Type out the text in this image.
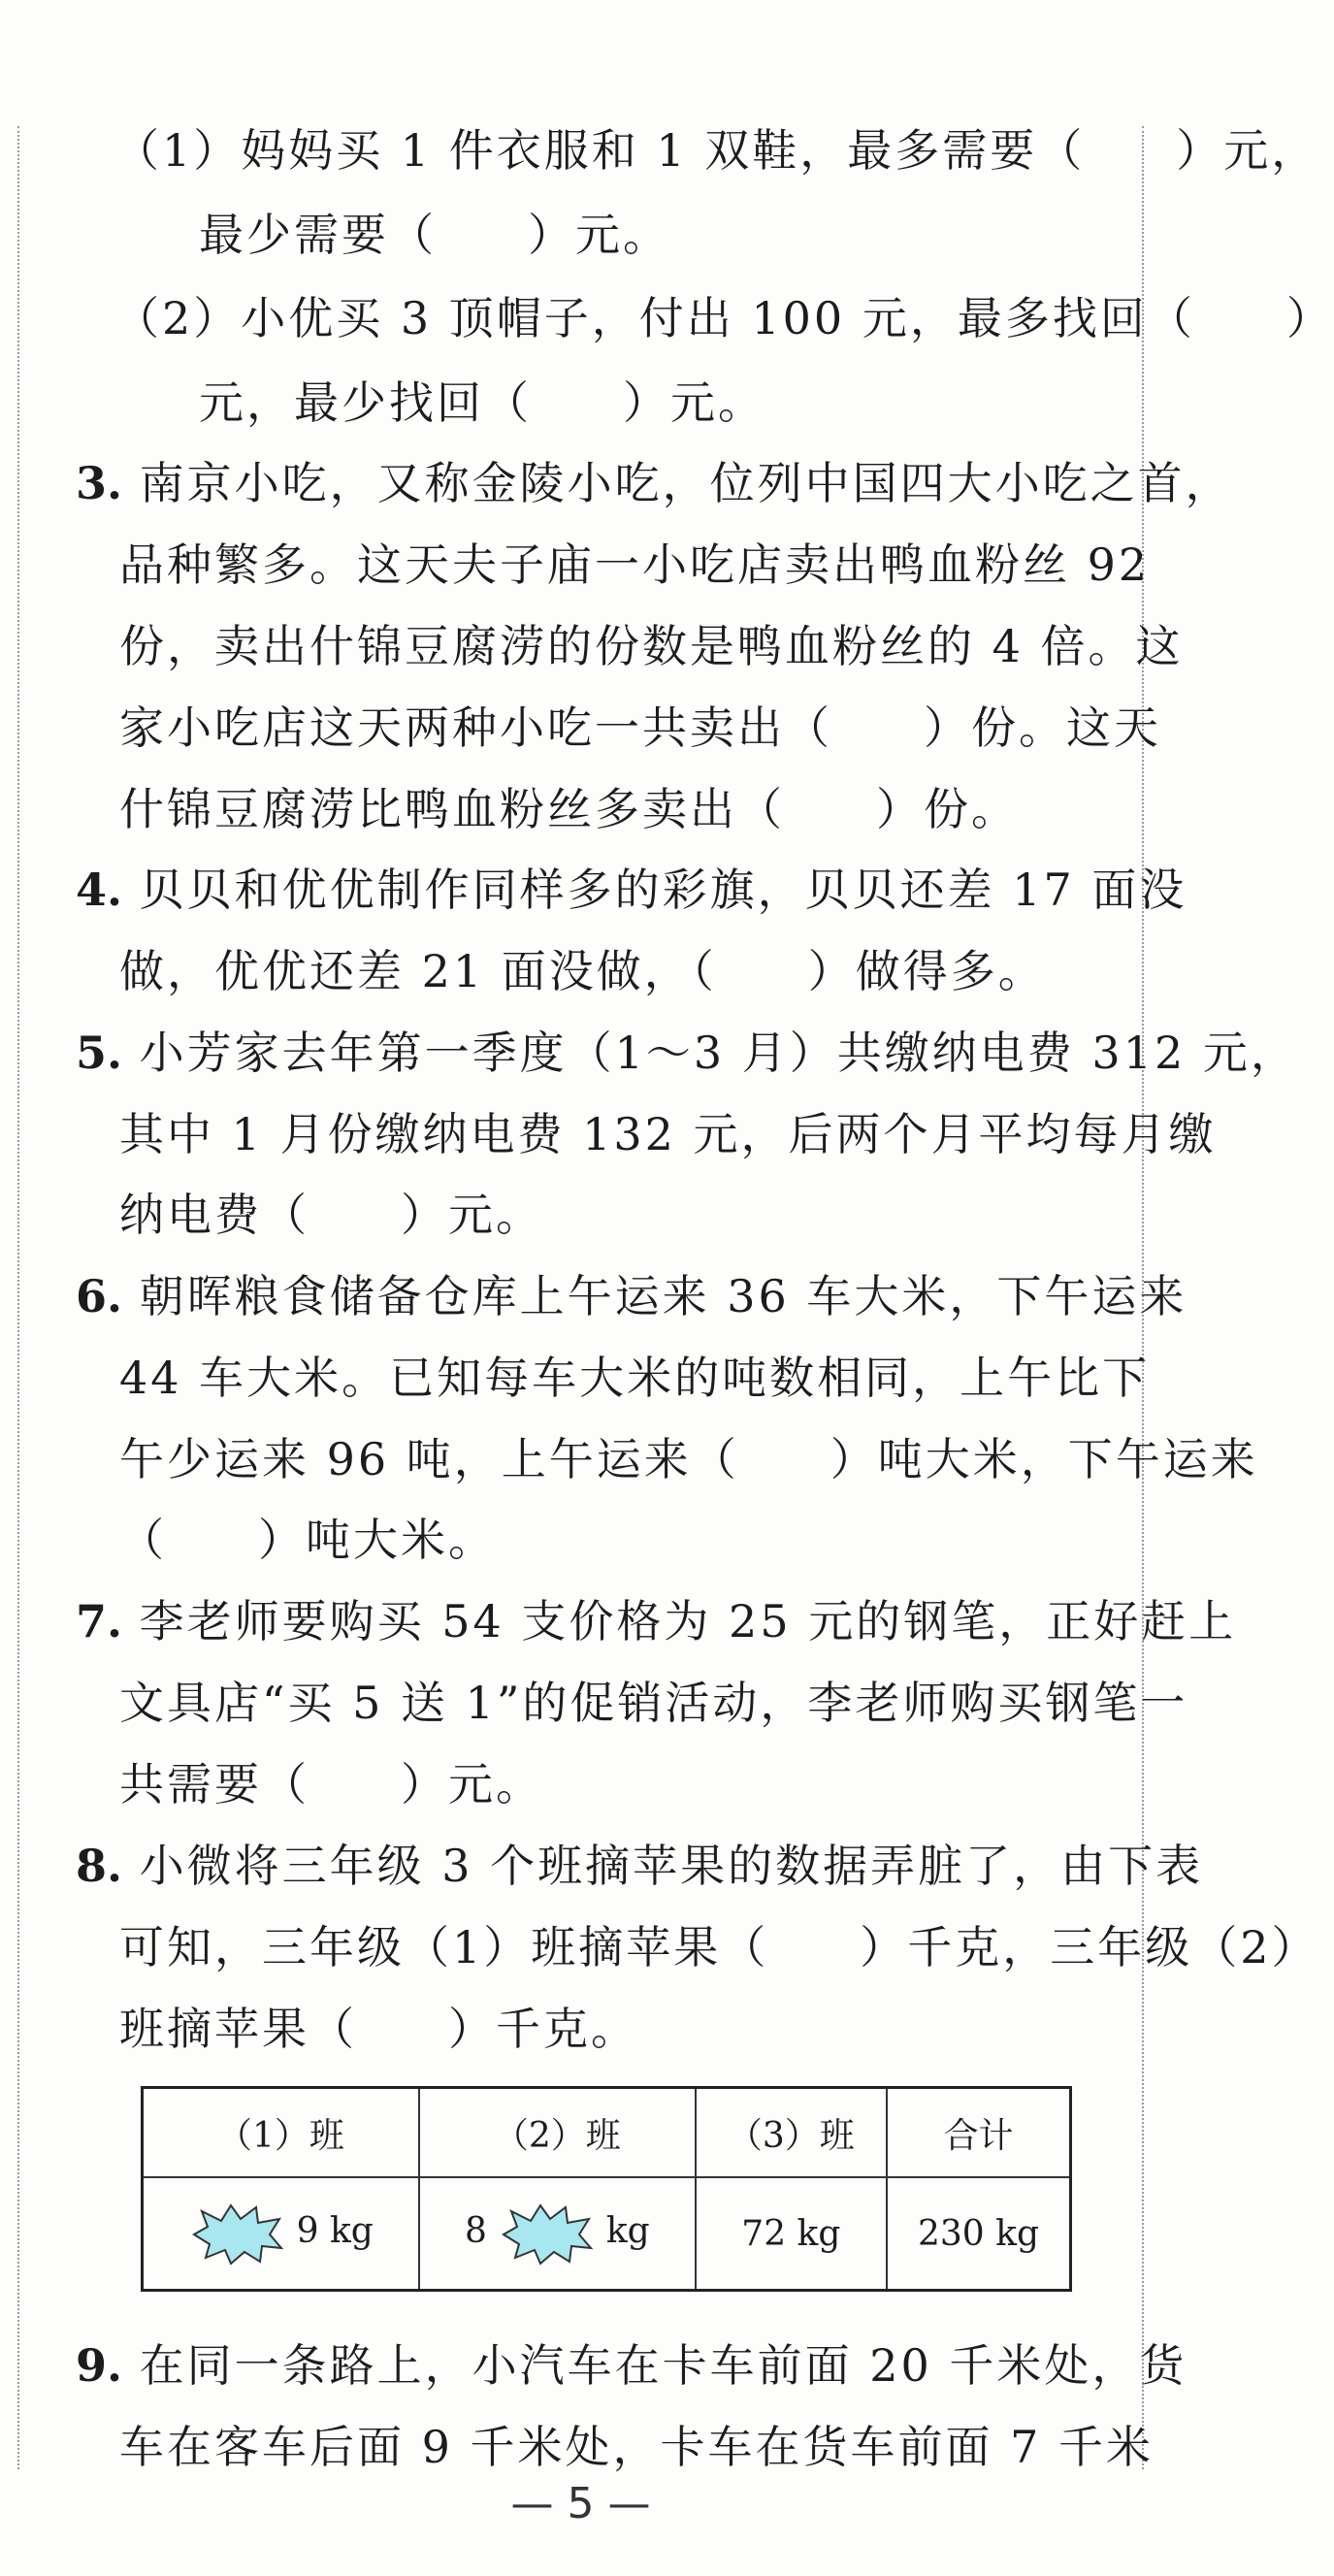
（1）妈妈买 1 件衣服和 1 双鞋，最多需要（ ）元，
最少需要（ ）元。
（2）小优买 3 顶帽子，付出 100 元，最多找回（ ）
元，最少找回（ ）元。
3. 南京小吃，又称金陵小吃，位列中国四大小吃之首，
品种繁多。这天夫子庙一小吃店卖出鸭血粉丝 92
份，卖出什锦豆腐涝的份数是鸭血粉丝的 4 倍。这
家小吃店这天两种小吃一共卖出（ ）份。这天
什锦豆腐涝比鸭血粉丝多卖出（ ）份。
4. 贝贝和优优制作同样多的彩旗，贝贝还差 17 面没
做，优优还差 21 面没做，（ ）做得多。
5. 小芳家去年第一季度（1～3 月）共缴纳电费 312 元，
其中 1 月份缴纳电费 132 元，后两个月平均每月缴
纳电费（ ）元。
6. 朝晖粮食储备仓库上午运来 36 车大米，下午运来
44 车大米。已知每车大米的吨数相同，上午比下
午少运来 96 吨，上午运来（ ）吨大米，下午运来
（ ）吨大米。
7. 李老师要购买 54 支价格为 25 元的钢笔，正好赶上
文具店“买 5 送 1”的促销活动，李老师购买钢笔一
共需要（ ）元。
8. 小微将三年级 3 个班摘苹果的数据弄脏了，由下表
可知，三年级（1）班摘苹果（ ）千克，三年级（2）
班摘苹果（ ）千克。
（1）班	（2）班	（3）班	合计
9 kg	8 kg	72 kg	230 kg
9. 在同一条路上，小汽车在卡车前面 20 千米处，货
车在客车后面 9 千米处，卡车在货车前面 7 千米
— 5 —
